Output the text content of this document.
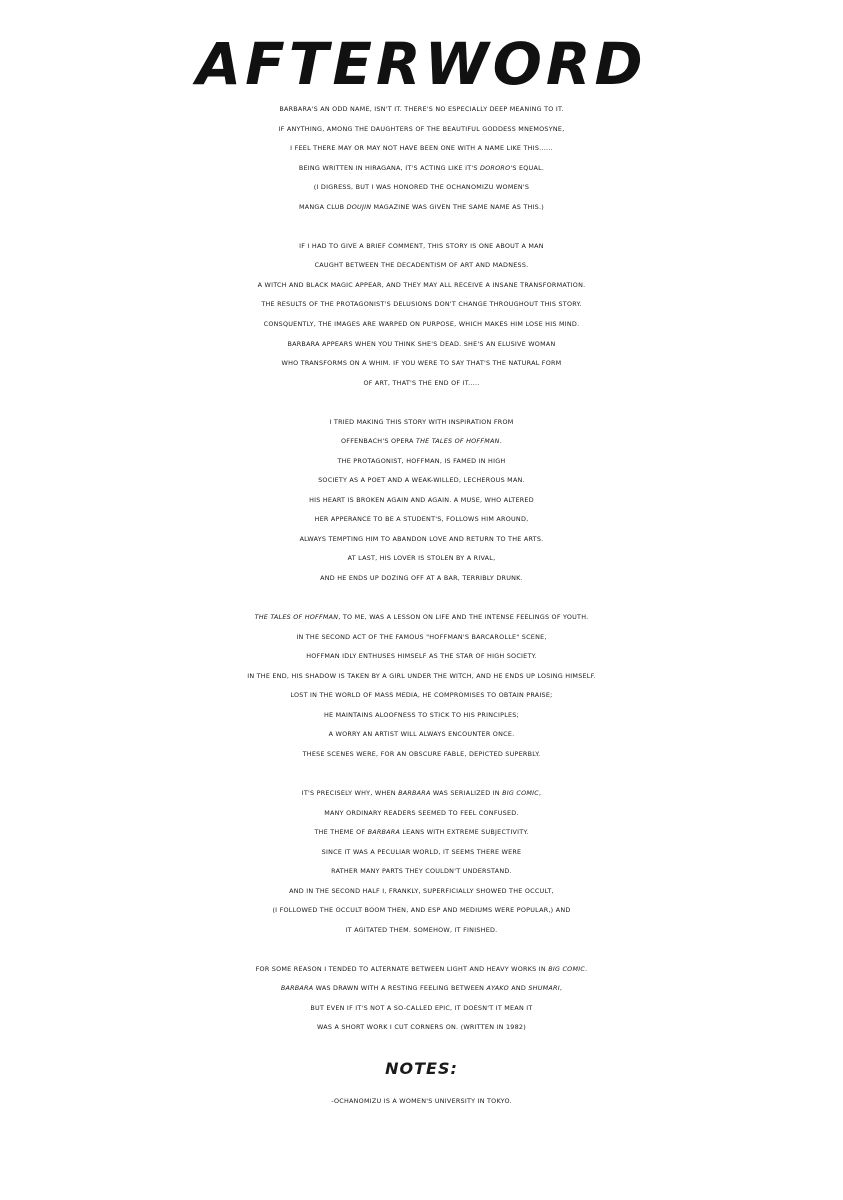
AFTERWORD
BARBARA'S AN ODD NAME, ISN'T IT. THERE'S NO ESPECIALLY DEEP MEANING TO IT.
IF ANYTHING, AMONG THE DAUGHTERS OF THE BEAUTIFUL GODDESS MNEMOSYNE,
I FEEL THERE MAY OR MAY NOT HAVE BEEN ONE WITH A NAME LIKE THIS......
BEING WRITTEN IN HIRAGANA, IT'S ACTING LIKE IT'S DORORO'S EQUAL.
(I DIGRESS, BUT I WAS HONORED THE OCHANOMIZU WOMEN'S
MANGA CLUB DOUJIN MAGAZINE WAS GIVEN THE SAME NAME AS THIS.)
IF I HAD TO GIVE A BRIEF COMMENT, THIS STORY IS ONE ABOUT A MAN
CAUGHT BETWEEN THE DECADENTISM OF ART AND MADNESS.
A WITCH AND BLACK MAGIC APPEAR, AND THEY MAY ALL RECEIVE A INSANE TRANSFORMATION.
THE RESULTS OF THE PROTAGONIST'S DELUSIONS DON'T CHANGE THROUGHOUT THIS STORY.
CONSQUENTLY, THE IMAGES ARE WARPED ON PURPOSE, WHICH MAKES HIM LOSE HIS MIND.
BARBARA APPEARS WHEN YOU THINK SHE'S DEAD. SHE'S AN ELUSIVE WOMAN
WHO TRANSFORMS ON A WHIM. IF YOU WERE TO SAY THAT'S THE NATURAL FORM
OF ART, THAT'S THE END OF IT.....
I TRIED MAKING THIS STORY WITH INSPIRATION FROM
OFFENBACH'S OPERA THE TALES OF HOFFMAN.
THE PROTAGONIST, HOFFMAN, IS FAMED IN HIGH
SOCIETY AS A POET AND A WEAK-WILLED, LECHEROUS MAN.
HIS HEART IS BROKEN AGAIN AND AGAIN. A MUSE, WHO ALTERED
HER APPERANCE TO BE A STUDENT'S, FOLLOWS HIM AROUND,
ALWAYS TEMPTING HIM TO ABANDON LOVE AND RETURN TO THE ARTS.
AT LAST, HIS LOVER IS STOLEN BY A RIVAL,
AND HE ENDS UP DOZING OFF AT A BAR, TERRIBLY DRUNK.
THE TALES OF HOFFMAN, TO ME, WAS A LESSON ON LIFE AND THE INTENSE FEELINGS OF YOUTH.
IN THE SECOND ACT OF THE FAMOUS "HOFFMAN'S BARCAROLLE" SCENE,
HOFFMAN IDLY ENTHUSES HIMSELF AS THE STAR OF HIGH SOCIETY.
IN THE END, HIS SHADOW IS TAKEN BY A GIRL UNDER THE WITCH, AND HE ENDS UP LOSING HIMSELF.
LOST IN THE WORLD OF MASS MEDIA, HE COMPROMISES TO OBTAIN PRAISE;
HE MAINTAINS ALOOFNESS TO STICK TO HIS PRINCIPLES;
A WORRY AN ARTIST WILL ALWAYS ENCOUNTER ONCE.
THESE SCENES WERE, FOR AN OBSCURE FABLE, DEPICTED SUPERBLY.
IT'S PRECISELY WHY, WHEN BARBARA WAS SERIALIZED IN BIG COMIC,
MANY ORDINARY READERS SEEMED TO FEEL CONFUSED.
THE THEME OF BARBARA LEANS WITH EXTREME SUBJECTIVITY.
SINCE IT WAS A PECULIAR WORLD, IT SEEMS THERE WERE
RATHER MANY PARTS THEY COULDN'T UNDERSTAND.
AND IN THE SECOND HALF I, FRANKLY, SUPERFICIALLY SHOWED THE OCCULT,
(I FOLLOWED THE OCCULT BOOM THEN, AND ESP AND MEDIUMS WERE POPULAR,) AND
IT AGITATED THEM. SOMEHOW, IT FINISHED.
FOR SOME REASON I TENDED TO ALTERNATE BETWEEN LIGHT AND HEAVY WORKS IN BIG COMIC.
BARBARA WAS DRAWN WITH A RESTING FEELING BETWEEN AYAKO AND SHUMARI,
BUT EVEN IF IT'S NOT A SO-CALLED EPIC, IT DOESN'T IT MEAN IT
WAS A SHORT WORK I CUT CORNERS ON. (WRITTEN IN 1982)
NOTES:
-OCHANOMIZU IS A WOMEN'S UNIVERSITY IN TOKYO.
